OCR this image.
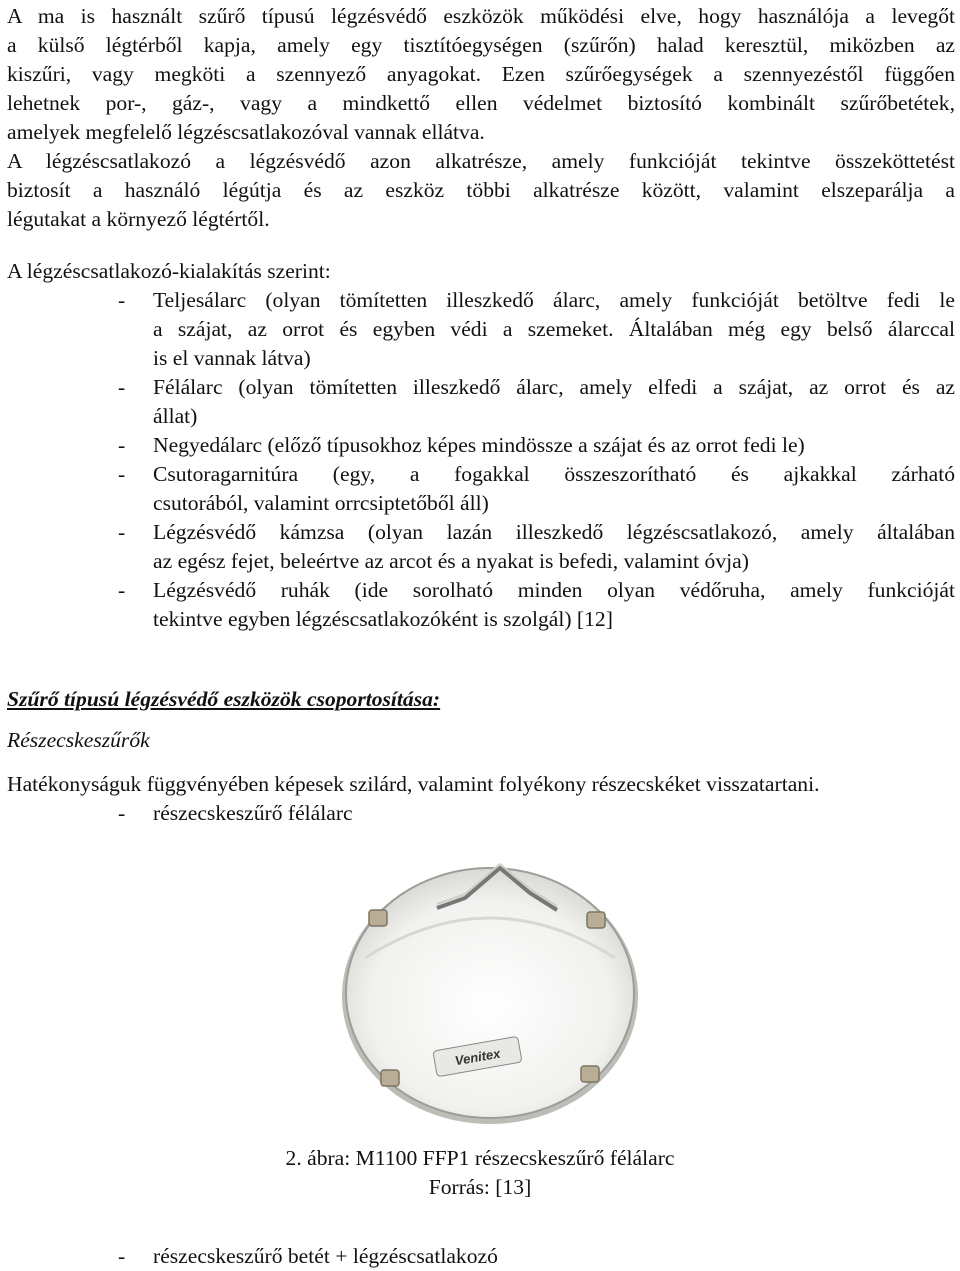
A ma is használt szűrő típusú légzésvédő eszközök működési elve, hogy használója a levegőt
a külső légtérből kapja, amely egy tisztítóegységen (szűrőn) halad keresztül, miközben az
kiszűri, vagy megköti a szennyező anyagokat. Ezen szűrőegységek a szennyezéstől függően
lehetnek por-, gáz-, vagy a mindkettő ellen védelmet biztosító kombinált szűrőbetétek,
amelyek megfelelő légzéscsatlakozóval vannak ellátva.
A légzéscsatlakozó a légzésvédő azon alkatrésze, amely funkcióját tekintve összeköttetést
biztosít a használó légútja és az eszköz többi alkatrésze között, valamint elszeparálja a
légutakat a környező légtértől.

A légzéscsatlakozó-kialakítás szerint:

- Teljesálarc (olyan tömítetten illeszkedő álarc, amely funkcióját betöltve fedi le
a szájat, az orrot és egyben védi a szemeket. Általában még egy belső álarccal
is el vannak látva)
- Félálarc (olyan tömítetten illeszkedő álarc, amely elfedi a szájat, az orrot és az
állat)
- Negyedálarc (előző típusokhoz képes mindössze a szájat és az orrot fedi le)
- Csutoragarnitúra (egy, a fogakkal összeszorítható és ajkakkal zárható
csutorából, valamint orrcsiptetőből áll)
- Légzésvédő kámzsa (olyan lazán illeszkedő légzéscsatlakozó, amely általában
az egész fejet, beleértve az arcot és a nyakat is befedi, valamint óvja)
- Légzésvédő ruhák (ide sorolható minden olyan védőruha, amely funkcióját
tekintve egyben légzéscsatlakozóként is szolgál) [12]

Szűrő típusú légzésvédő eszközök csoportosítása:

Részecskeszűrők

Hatékonyságuk függvényében képesek szilárd, valamint folyékony részecskéket visszatartani.

- részecskeszűrő félálarc

Venitex

2. ábra: M1100 FFP1 részecskeszűrő félálarc

Forrás: [13]

- részecskeszűrő betét + légzéscsatlakozó
